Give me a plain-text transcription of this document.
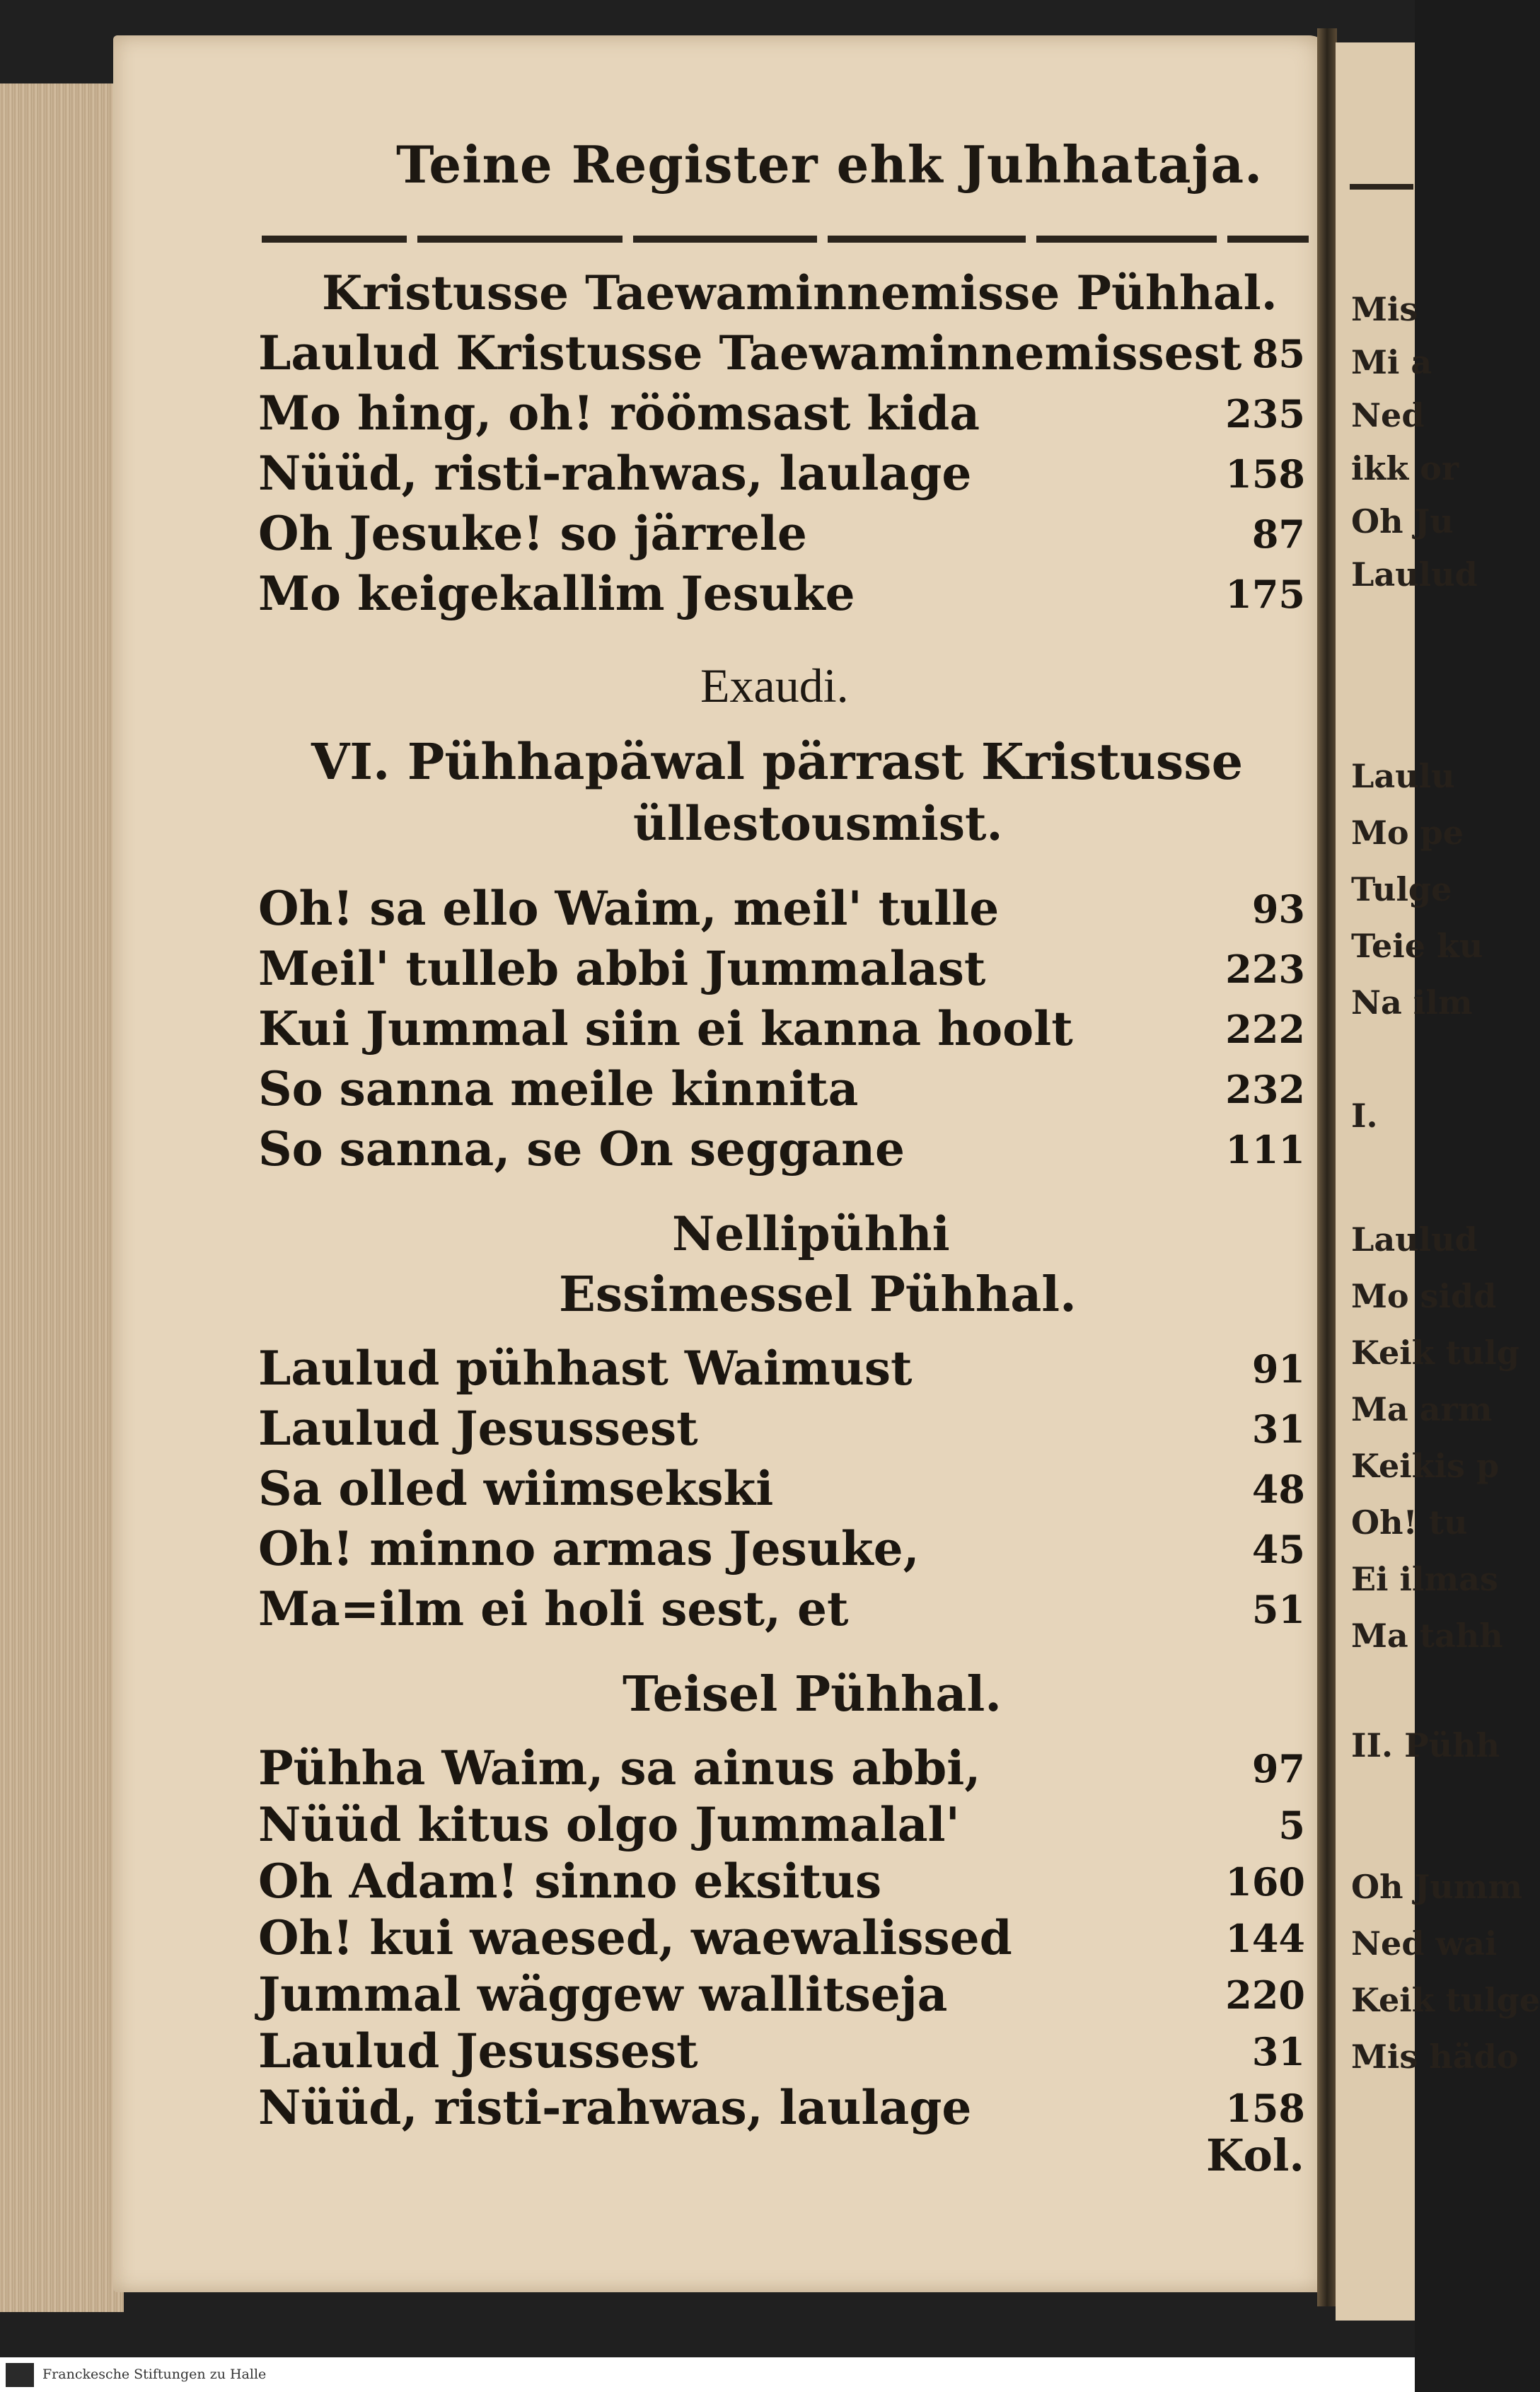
Teine Register ehk Juhhataja.
Kristusse Taewaminnemisse Pühhal.
Laulud Kristusse Taewaminnemissest 85
Mo hing, oh! röömsast kida	235
Nüüd, risti-rahwas, laulage	158
Oh Jesuke! so järrele	87
Mo keigekallim Jesuke	175
Exaudi.
VI. Pühhapäwal pärrast Kristusse
üllestousmist.
Oh! sa ello Waim, meil' tulle	93
Meil' tulleb abbi Jummalast	223
Kui Jummal siin ei kanna hoolt	222
So sanna meile kinnita	232
So sanna, se On seggane	111
Nellipühhi
Essimessel Pühhal.
Laulud pühhast Waimust	91
Laulud Jesussest	31
Sa olled wiimsekski	48
Oh! minno armas Jesuke,	45
Ma=ilm ei holi sest, et	51
Teisel Pühhal.
Pühha Waim, sa ainus abbi,	97
Nüüd kitus olgo Jummalal'	5
Oh Adam! sinno eksitus	160
Oh! kui waesed, waewalissed	144
Jummal wäggew wallitseja	220
Laulud Jesussest	31
Nüüd, risti-rahwas, laulage	158
Kol.
Mis
Mi a
Ned
ikk or
Oh Ju
Laulud
Laulu
Mo pe
Tulge
Teie ku
Na ilm
I.
Laulud
Mo sidd
Keik tulg
Ma arm
Keikis p
Oh! tu
Ei ilmas
Ma tahh
II. Pühh
Oh Jumm
Ned wai
Keik tulge
Mis hädo
Franckesche Stiftungen zu Halle
